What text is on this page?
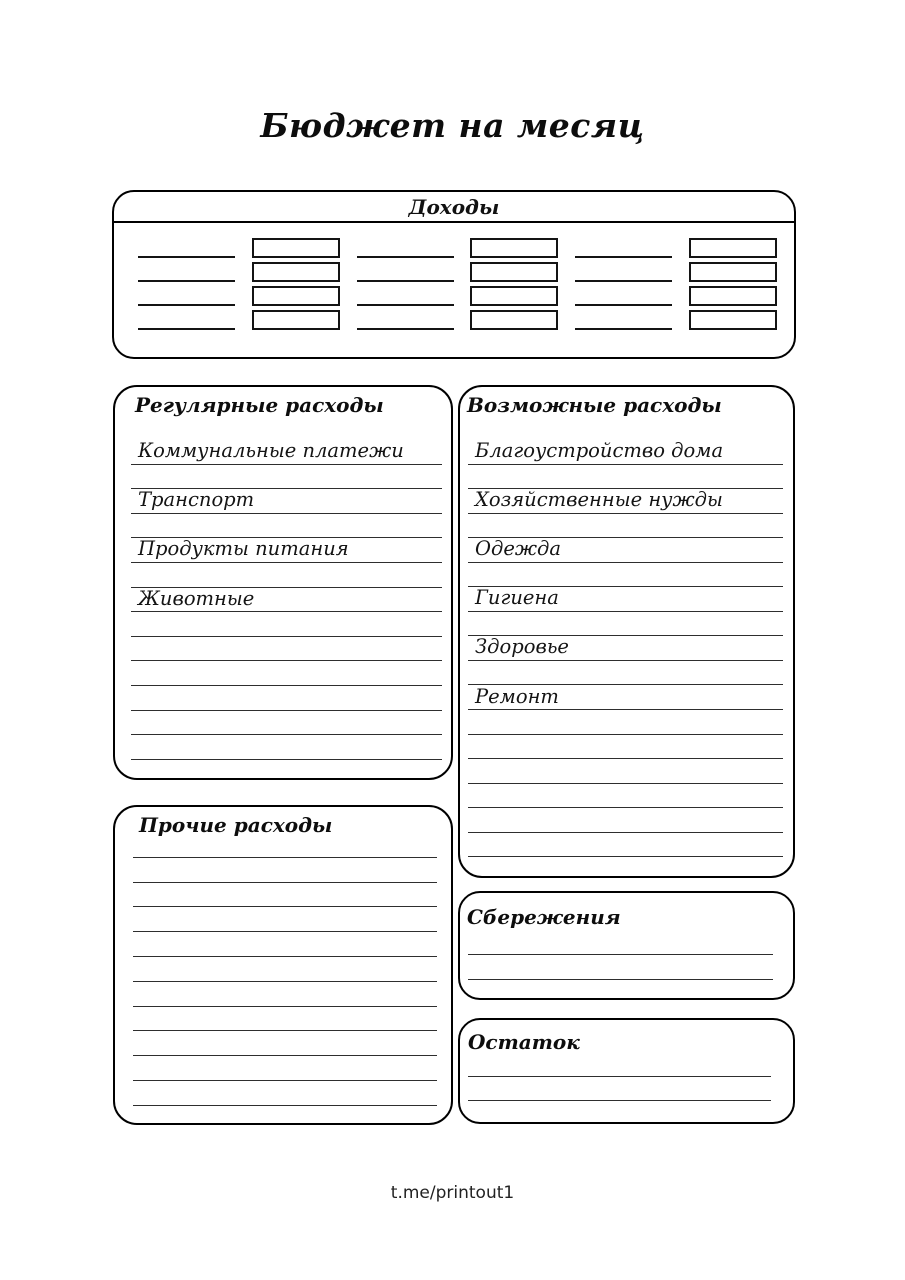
Бюджет на месяц
Доходы
Регулярные расходы
Коммунальные платежи
Транспорт
Продукты питания
Животные
Возможные расходы
Благоустройство дома
Хозяйственные нужды
Одежда
Гигиена
Здоровье
Ремонт
Прочие расходы
Сбережения
Остаток
t.me/printout1
